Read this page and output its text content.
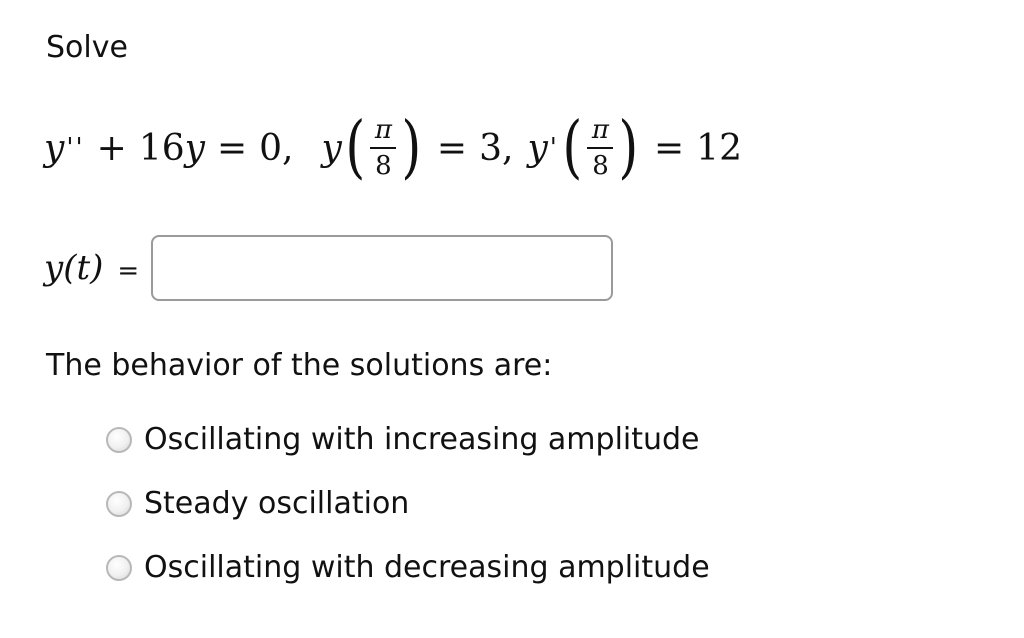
Solve
y '' + 16 y = 0, y ( $\frac{\pi}{8}$ ) = 3, y ' ( $\frac{\pi}{8}$ ) = 12
y(t) =
The behavior of the solutions are:
Oscillating with increasing amplitude
Steady oscillation
Oscillating with decreasing amplitude
